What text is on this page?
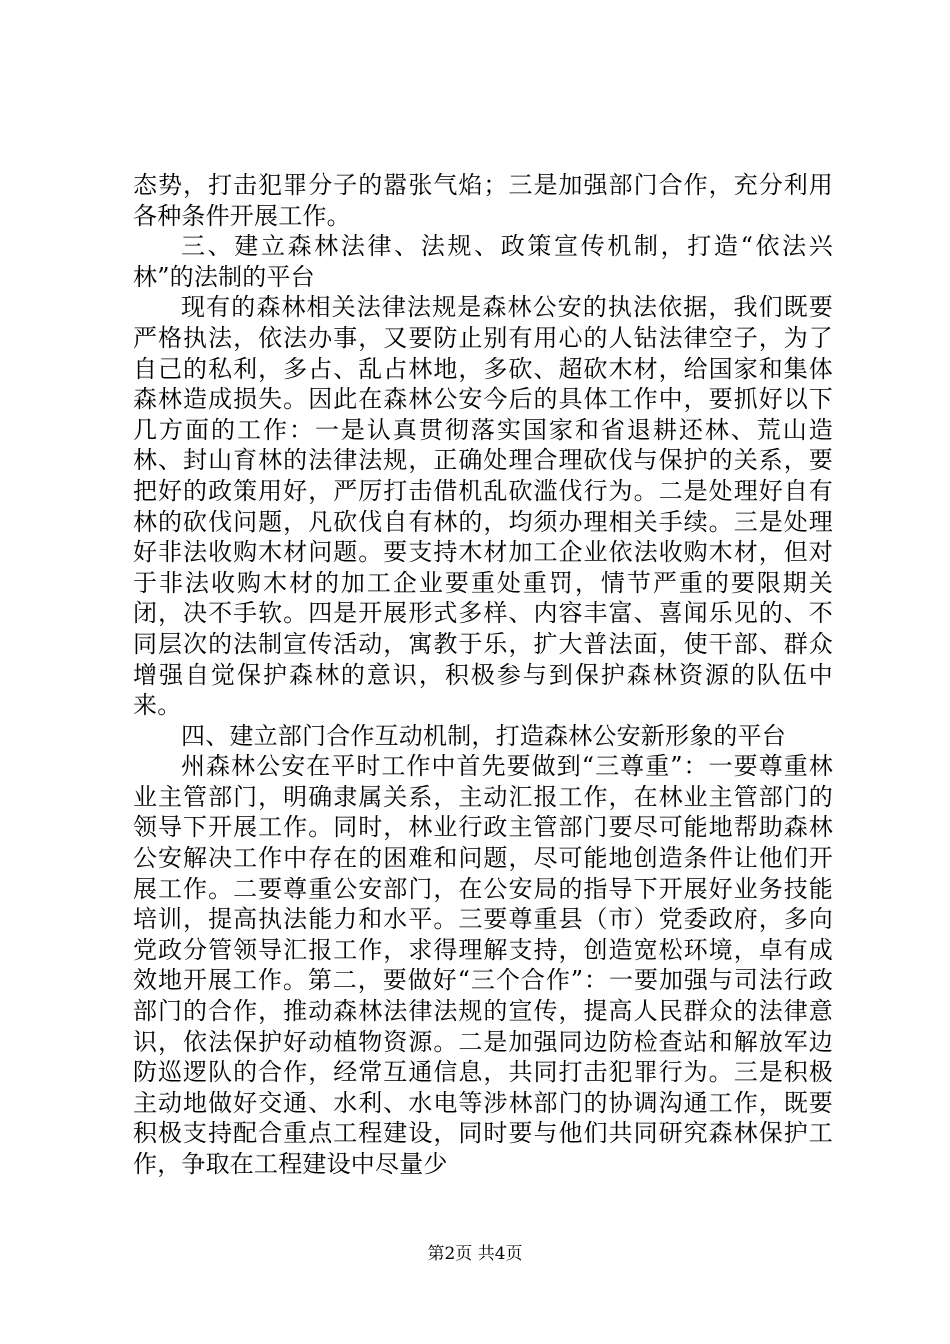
态势，打击犯罪分子的嚣张气焰；三是加强部门合作，充分利用各种条件开展工作。

三、建立森林法律、法规、政策宣传机制，打造“依法兴林”的法制的平台

现有的森林相关法律法规是森林公安的执法依据，我们既要严格执法，依法办事，又要防止别有用心的人钻法律空子，为了自己的私利，多占、乱占林地，多砍、超砍木材，给国家和集体森林造成损失。因此在森林公安今后的具体工作中，要抓好以下几方面的工作：一是认真贯彻落实国家和省退耕还林、荒山造林、封山育林的法律法规，正确处理合理砍伐与保护的关系，要把好的政策用好，严厉打击借机乱砍滥伐行为。二是处理好自有林的砍伐问题，凡砍伐自有林的，均须办理相关手续。三是处理好非法收购木材问题。要支持木材加工企业依法收购木材，但对于非法收购木材的加工企业要重处重罚，情节严重的要限期关闭，决不手软。四是开展形式多样、内容丰富、喜闻乐见的、不同层次的法制宣传活动，寓教于乐，扩大普法面，使干部、群众增强自觉保护森林的意识，积极参与到保护森林资源的队伍中来。

四、建立部门合作互动机制，打造森林公安新形象的平台

州森林公安在平时工作中首先要做到“三尊重”：一要尊重林业主管部门，明确隶属关系，主动汇报工作，在林业主管部门的领导下开展工作。同时，林业行政主管部门要尽可能地帮助森林公安解决工作中存在的困难和问题，尽可能地创造条件让他们开展工作。二要尊重公安部门，在公安局的指导下开展好业务技能培训，提高执法能力和水平。三要尊重县（市）党委政府，多向党政分管领导汇报工作，求得理解支持，创造宽松环境，卓有成效地开展工作。第二，要做好“三个合作”：一要加强与司法行政部门的合作，推动森林法律法规的宣传，提高人民群众的法律意识，依法保护好动植物资源。二是加强同边防检查站和解放军边防巡逻队的合作，经常互通信息，共同打击犯罪行为。三是积极主动地做好交通、水利、水电等涉林部门的协调沟通工作，既要积极支持配合重点工程建设，同时要与他们共同研究森林保护工作，争取在工程建设中尽量少

第2页 共4页
